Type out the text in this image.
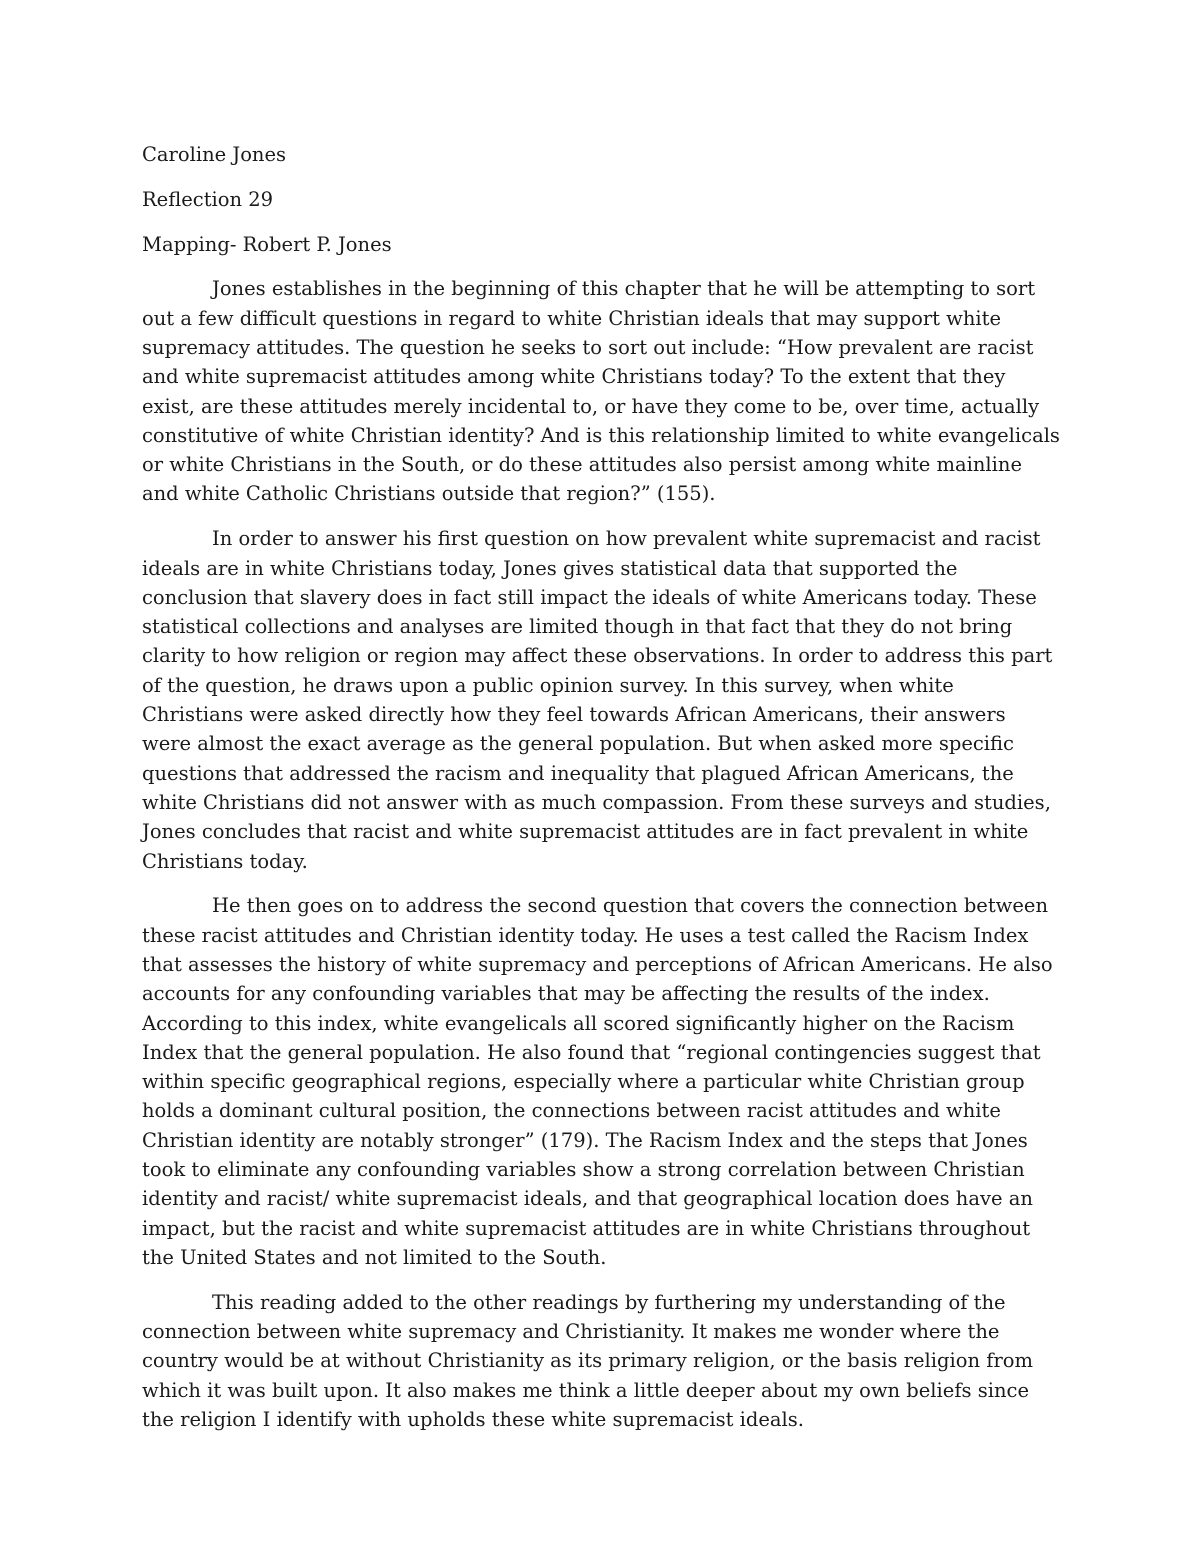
Caroline Jones

Reflection 29

Mapping- Robert P. Jones

Jones establishes in the beginning of this chapter that he will be attempting to sort out a few difficult questions in regard to white Christian ideals that may support white supremacy attitudes. The question he seeks to sort out include: “How prevalent are racist and white supremacist attitudes among white Christians today? To the extent that they exist, are these attitudes merely incidental to, or have they come to be, over time, actually constitutive of white Christian identity? And is this relationship limited to white evangelicals or white Christians in the South, or do these attitudes also persist among white mainline and white Catholic Christians outside that region?” (155).

In order to answer his first question on how prevalent white supremacist and racist ideals are in white Christians today, Jones gives statistical data that supported the conclusion that slavery does in fact still impact the ideals of white Americans today. These statistical collections and analyses are limited though in that fact that they do not bring clarity to how religion or region may affect these observations. In order to address this part of the question, he draws upon a public opinion survey. In this survey, when white Christians were asked directly how they feel towards African Americans, their answers were almost the exact average as the general population. But when asked more specific questions that addressed the racism and inequality that plagued African Americans, the white Christians did not answer with as much compassion. From these surveys and studies, Jones concludes that racist and white supremacist attitudes are in fact prevalent in white Christians today.

He then goes on to address the second question that covers the connection between these racist attitudes and Christian identity today. He uses a test called the Racism Index that assesses the history of white supremacy and perceptions of African Americans. He also accounts for any confounding variables that may be affecting the results of the index. According to this index, white evangelicals all scored significantly higher on the Racism Index that the general population. He also found that “regional contingencies suggest that within specific geographical regions, especially where a particular white Christian group holds a dominant cultural position, the connections between racist attitudes and white Christian identity are notably stronger” (179). The Racism Index and the steps that Jones took to eliminate any confounding variables show a strong correlation between Christian identity and racist/ white supremacist ideals, and that geographical location does have an impact, but the racist and white supremacist attitudes are in white Christians throughout the United States and not limited to the South.

This reading added to the other readings by furthering my understanding of the connection between white supremacy and Christianity. It makes me wonder where the country would be at without Christianity as its primary religion, or the basis religion from which it was built upon. It also makes me think a little deeper about my own beliefs since the religion I identify with upholds these white supremacist ideals.
